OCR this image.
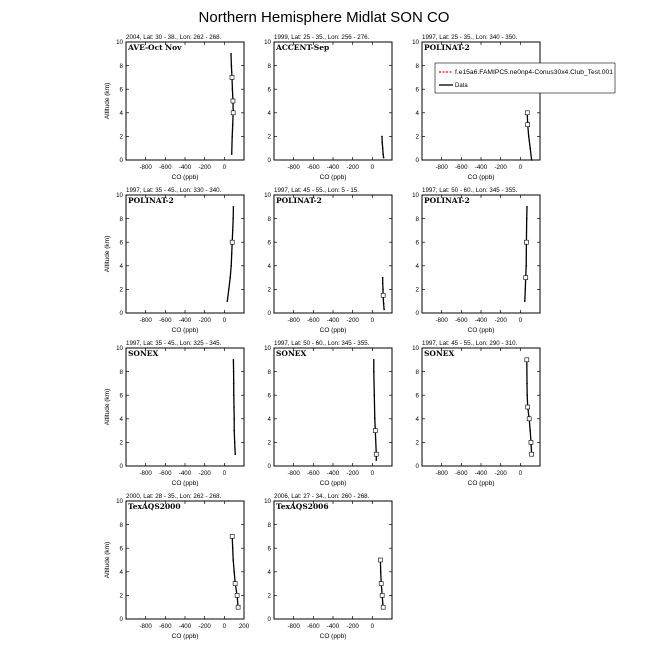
Northern Hemisphere Midlat SON CO
2004, Lat: 30 - 38., Lon: 262 - 268.
AVE-Oct Nov
-800 -600 -400 -200 0
0
2
4
6
8
10
CO (ppb)
Altitude (km)
1999, Lat: 25 - 35., Lon: 256 - 276.
ACCENT-Sep
-800 -600 -400 -200 0
0
2
4
6
8
10
CO (ppb)
1997, Lat: 25 - 35., Lon: 340 - 350.
POLINAT-2
-800 -600 -400 -200 0
0
2
4
6
8
10
CO (ppb)
1997, Lat: 35 - 45., Lon: 330 - 340.
POLINAT-2
-800 -600 -400 -200 0
0
2
4
6
8
10
CO (ppb)
Altitude (km)
1997, Lat: 45 - 55., Lon: 5 - 15.
POLINAT-2
-800 -600 -400 -200 0
0
2
4
6
8
10
CO (ppb)
1997, Lat: 50 - 60., Lon: 345 - 355.
POLINAT-2
-800 -600 -400 -200 0
0
2
4
6
8
10
CO (ppb)
1997, Lat: 35 - 45., Lon: 325 - 345.
SONEX
-800 -600 -400 -200 0
0
2
4
6
8
10
CO (ppb)
Altitude (km)
1997, Lat: 50 - 60., Lon: 345 - 355.
SONEX
-800 -600 -400 -200 0
0
2
4
6
8
10
CO (ppb)
1997, Lat: 45 - 55., Lon: 290 - 310.
SONEX
-800 -600 -400 -200 0
0
2
4
6
8
10
CO (ppb)
2000, Lat: 28 - 35., Lon: 262 - 268.
TexAQS2000
-800 -600 -400 -200 0 200
0
2
4
6
8
10
CO (ppb)
Altitude (km)
2006, Lat: 27 - 34., Lon: 260 - 268.
TexAQS2006
-800 -600 -400 -200 0
0
2
4
6
8
10
CO (ppb)
f.e15a6.FAMIPC5.ne0np4-Conus30x4.Club_Test.001
Data
